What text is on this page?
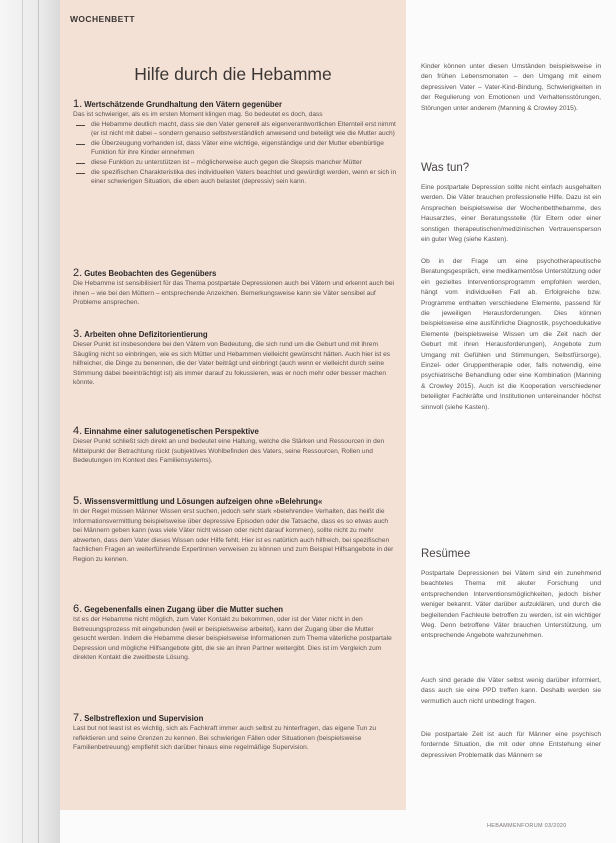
WOCHENBETT
Hilfe durch die Hebamme
1. Wertschätzende Grundhaltung den Vätern gegenüber
Das ist schwieriger, als es im ersten Moment klingen mag. So bedeutet es doch, dass
die Hebamme deutlich macht, dass sie den Vater generell als eigenverantwortlichen Elternteil erst nimmt (er ist nicht mit dabei – sondern genauso selbstverständlich anwesend und beteiligt wie die Mutter auch)
die Überzeugung vorhanden ist, dass Väter eine wichtige, eigenständige und der Mutter ebenbürtige Funktion für ihre Kinder einnehmen
diese Funktion zu unterstützen ist – möglicherweise auch gegen die Skepsis mancher Mütter
die spezifischen Charakteristika des individuellen Vaters beachtet und gewürdigt werden, wenn er sich in einer schwierigen Situation, die eben auch belastet (depressiv) sein kann.
2. Gutes Beobachten des Gegenübers
Die Hebamme ist sensibilisiert für das Thema postpartale Depressionen auch bei Vätern und erkennt auch bei ihnen – wie bei den Müttern – entsprechende Anzeichen. Bemerkungsweise kann sie Väter sensibel auf Probleme ansprechen.
3. Arbeiten ohne Defizitorientierung
Dieser Punkt ist insbesondere bei den Vätern von Bedeutung, die sich rund um die Geburt und mit ihrem Säugling nicht so einbringen, wie es sich Mütter und Hebammen vielleicht gewünscht hätten. Auch hier ist es hilfreicher, die Dinge zu benennen, die der Vater beiträgt und einbringt (auch wenn er vielleicht durch seine Stimmung dabei beeinträchtigt ist) als immer darauf zu fokussieren, was er noch mehr oder besser machen könnte.
4. Einnahme einer salutogenetischen Perspektive
Dieser Punkt schließt sich direkt an und bedeutet eine Haltung, welche die Stärken und Ressourcen in den Mittelpunkt der Betrachtung rückt (subjektives Wohlbefinden des Vaters, seine Ressourcen, Rollen und Bedeutungen im Kontext des Familiensystems).
5. Wissensvermittlung und Lösungen aufzeigen ohne »Belehrung«
In der Regel müssen Männer Wissen erst suchen, jedoch sehr stark »belehrende« Verhalten, das heißt die Informationsvermittlung beispielsweise über depressive Episoden oder die Tatsache, dass es so etwas auch bei Männern geben kann (was viele Väter nicht wissen oder nicht darauf kommen), sollte nicht zu mehr abwerten, dass dem Vater dieses Wissen oder Hilfe fehlt. Hier ist es natürlich auch hilfreich, bei spezifischen fachlichen Fragen an weiterführende Expertinnen verweisen zu können und zum Beispiel Hilfsangebote in der Region zu kennen.
6. Gegebenenfalls einen Zugang über die Mutter suchen
Ist es der Hebamme nicht möglich, zum Vater Kontakt zu bekommen, oder ist der Vater nicht in den Betreuungsprozess mit eingebunden (weil er beispielsweise arbeitet), kann der Zugang über die Mutter gesucht werden. Indem die Hebamme dieser beispielsweise Informationen zum Thema väterliche postpartale Depression und mögliche Hilfsangebote gibt, die sie an ihren Partner weitergibt. Dies ist im Vergleich zum direkten Kontakt die zweitbeste Lösung.
7. Selbstreflexion und Supervision
Last but not least ist es wichtig, sich als Fachkraft immer auch selbst zu hinterfragen, das eigene Tun zu reflektieren und seine Grenzen zu kennen. Bei schwierigen Fällen oder Situationen (beispielsweise Familienbetreuung) empfiehlt sich darüber hinaus eine regelmäßige Supervision.
Kinder können unter diesen Umständen beispielsweise in den frühen Lebensmonaten – den Umgang mit einem depressiven Vater – Vater-Kind-Bindung, Schwierigkeiten in der Regulierung von Emotionen und Verhaltensstörungen, Störungen unter anderem (Manning & Crowley 2015).
Was tun?
Eine postpartale Depression sollte nicht einfach ausgehalten werden. Die Väter brauchen professionelle Hilfe. Dazu ist ein Ansprechen beispielsweise der Wochenbetthebamme, des Hausarztes, einer Beratungsstelle (für Eltern oder einer sonstigen therapeutischen/medizinischen Vertrauensperson ein guter Weg (siehe Kasten).
Ob in der Frage um eine psychotherapeutische Beratungsgespräch, eine medikamentöse Unterstützung oder ein gezieltes Interventionsprogramm empfohlen werden, hängt vom individuellen Fall ab. Erfolgreiche bzw. Programme enthalten verschiedene Elemente, passend für die jeweiligen Herausforderungen. Dies können beispielsweise eine ausführliche Diagnostik, psychoedukative Elemente (beispielsweise Wissen um die Zeit nach der Geburt mit ihren Herausforderungen), Angebote zum Umgang mit Gefühlen und Stimmungen, Selbstfürsorge), Einzel- oder Gruppentherapie oder, falls notwendig, eine psychiatrische Behandlung oder eine Kombination (Manning & Crowley 2015). Auch ist die Kooperation verschiedener beteiligter Fachkräfte und Institutionen untereinander höchst sinnvoll (siehe Kasten).
Resümee
Postpartale Depressionen bei Vätern sind ein zunehmend beachtetes Thema mit akuter Forschung und entsprechenden Interventionsmöglichkeiten, jedoch bisher weniger bekannt. Väter darüber aufzuklären, und durch die begleitenden Fachleute betroffen zu werden, ist ein wichtiger Weg. Denn betroffene Väter brauchen Unterstützung, um entsprechende Angebote wahrzunehmen.
Auch sind gerade die Väter selbst wenig darüber informiert, dass auch sie eine PPD treffen kann. Deshalb werden sie vermutlich auch nicht unbedingt fragen.
Die postpartale Zeit ist auch für Männer eine psychisch fordernde Situation, die mit oder ohne Entstehung einer depressiven Problematik das Männern se
HEBAMMENFORUM 03/2020
